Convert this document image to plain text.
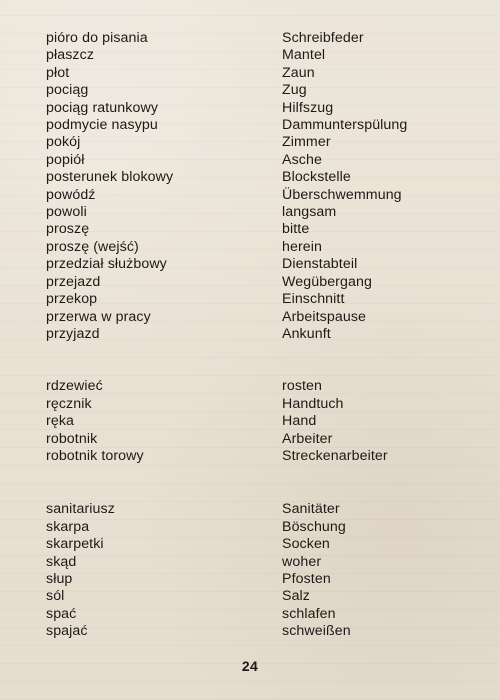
pióro do pisania	Schreibfeder
płaszcz	Mantel
płot	Zaun
pociąg	Zug
pociąg ratunkowy	Hilfszug
podmycie nasypu	Dammunterspülung
pokój	Zimmer
popiół	Asche
posterunek blokowy	Blockstelle
powódź	Überschwemmung
powoli	langsam
proszę	bitte
proszę (wejść)	herein
przedział służbowy	Dienstabteil
przejazd	Wegübergang
przekop	Einschnitt
przerwa w pracy	Arbeitspause
przyjazd	Ankunft
rdzewieć	rosten
ręcznik	Handtuch
ręka	Hand
robotnik	Arbeiter
robotnik torowy	Streckenarbeiter
sanitariusz	Sanitäter
skarpa	Böschung
skarpetki	Socken
skąd	woher
słup	Pfosten
sól	Salz
spać	schlafen
spajać	schweißen
24
